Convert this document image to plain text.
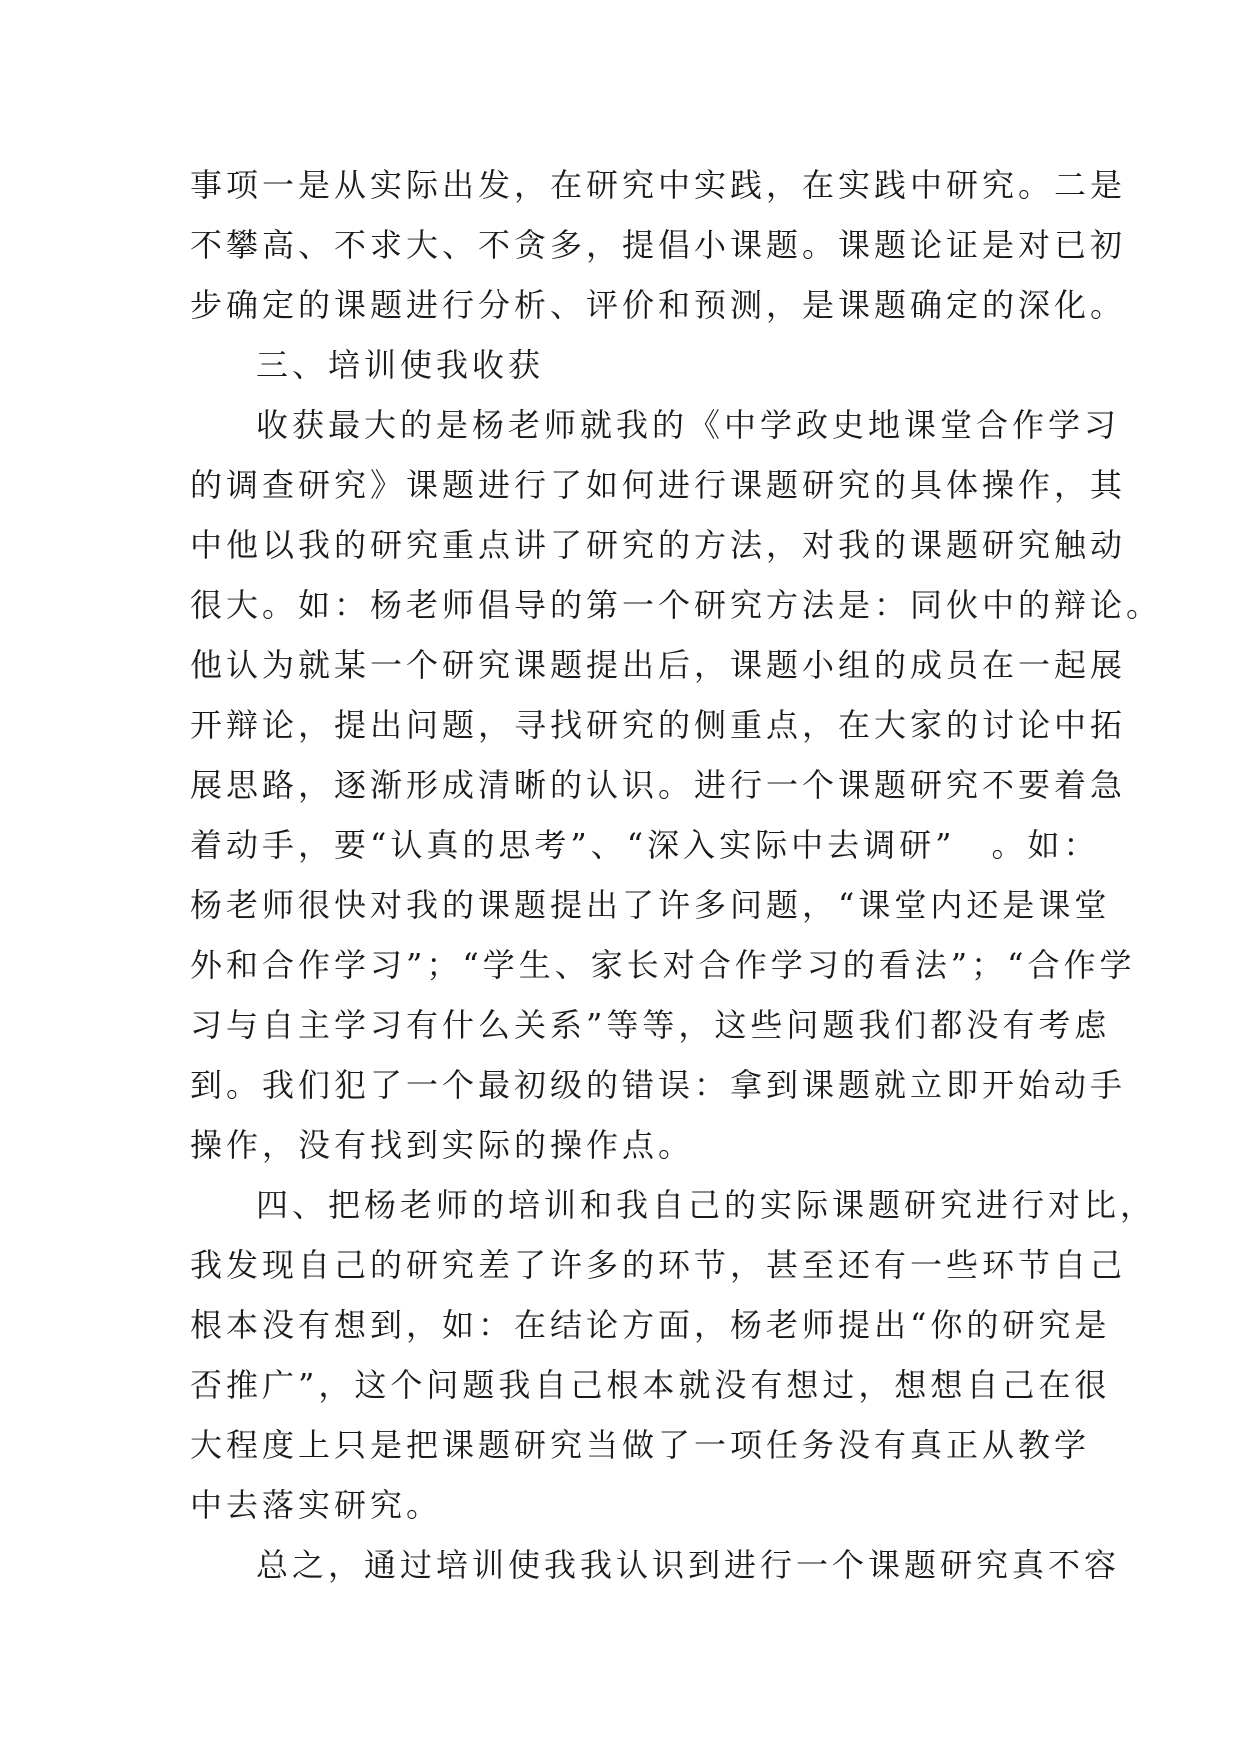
事项一是从实际出发，在研究中实践，在实践中研究。二是
不攀高、不求大、不贪多，提倡小课题。课题论证是对已初
步确定的课题进行分析、评价和预测，是课题确定的深化。
三、培训使我收获
收获最大的是杨老师就我的《中学政史地课堂合作学习
的调查研究》课题进行了如何进行课题研究的具体操作，其
中他以我的研究重点讲了研究的方法，对我的课题研究触动
很大。如：杨老师倡导的第一个研究方法是：同伙中的辩论。
他认为就某一个研究课题提出后，课题小组的成员在一起展
开辩论，提出问题，寻找研究的侧重点，在大家的讨论中拓
展思路，逐渐形成清晰的认识。进行一个课题研究不要着急
着动手，要“认真的思考”、“深入实际中去调研”　。如：
杨老师很快对我的课题提出了许多问题，“课堂内还是课堂
外和合作学习”；“学生、家长对合作学习的看法”；“合作学
习与自主学习有什么关系”等等，这些问题我们都没有考虑
到。我们犯了一个最初级的错误：拿到课题就立即开始动手
操作，没有找到实际的操作点。
四、把杨老师的培训和我自己的实际课题研究进行对比，
我发现自己的研究差了许多的环节，甚至还有一些环节自己
根本没有想到，如：在结论方面，杨老师提出“你的研究是
否推广”，这个问题我自己根本就没有想过，想想自己在很
大程度上只是把课题研究当做了一项任务没有真正从教学
中去落实研究。
总之，通过培训使我我认识到进行一个课题研究真不容
